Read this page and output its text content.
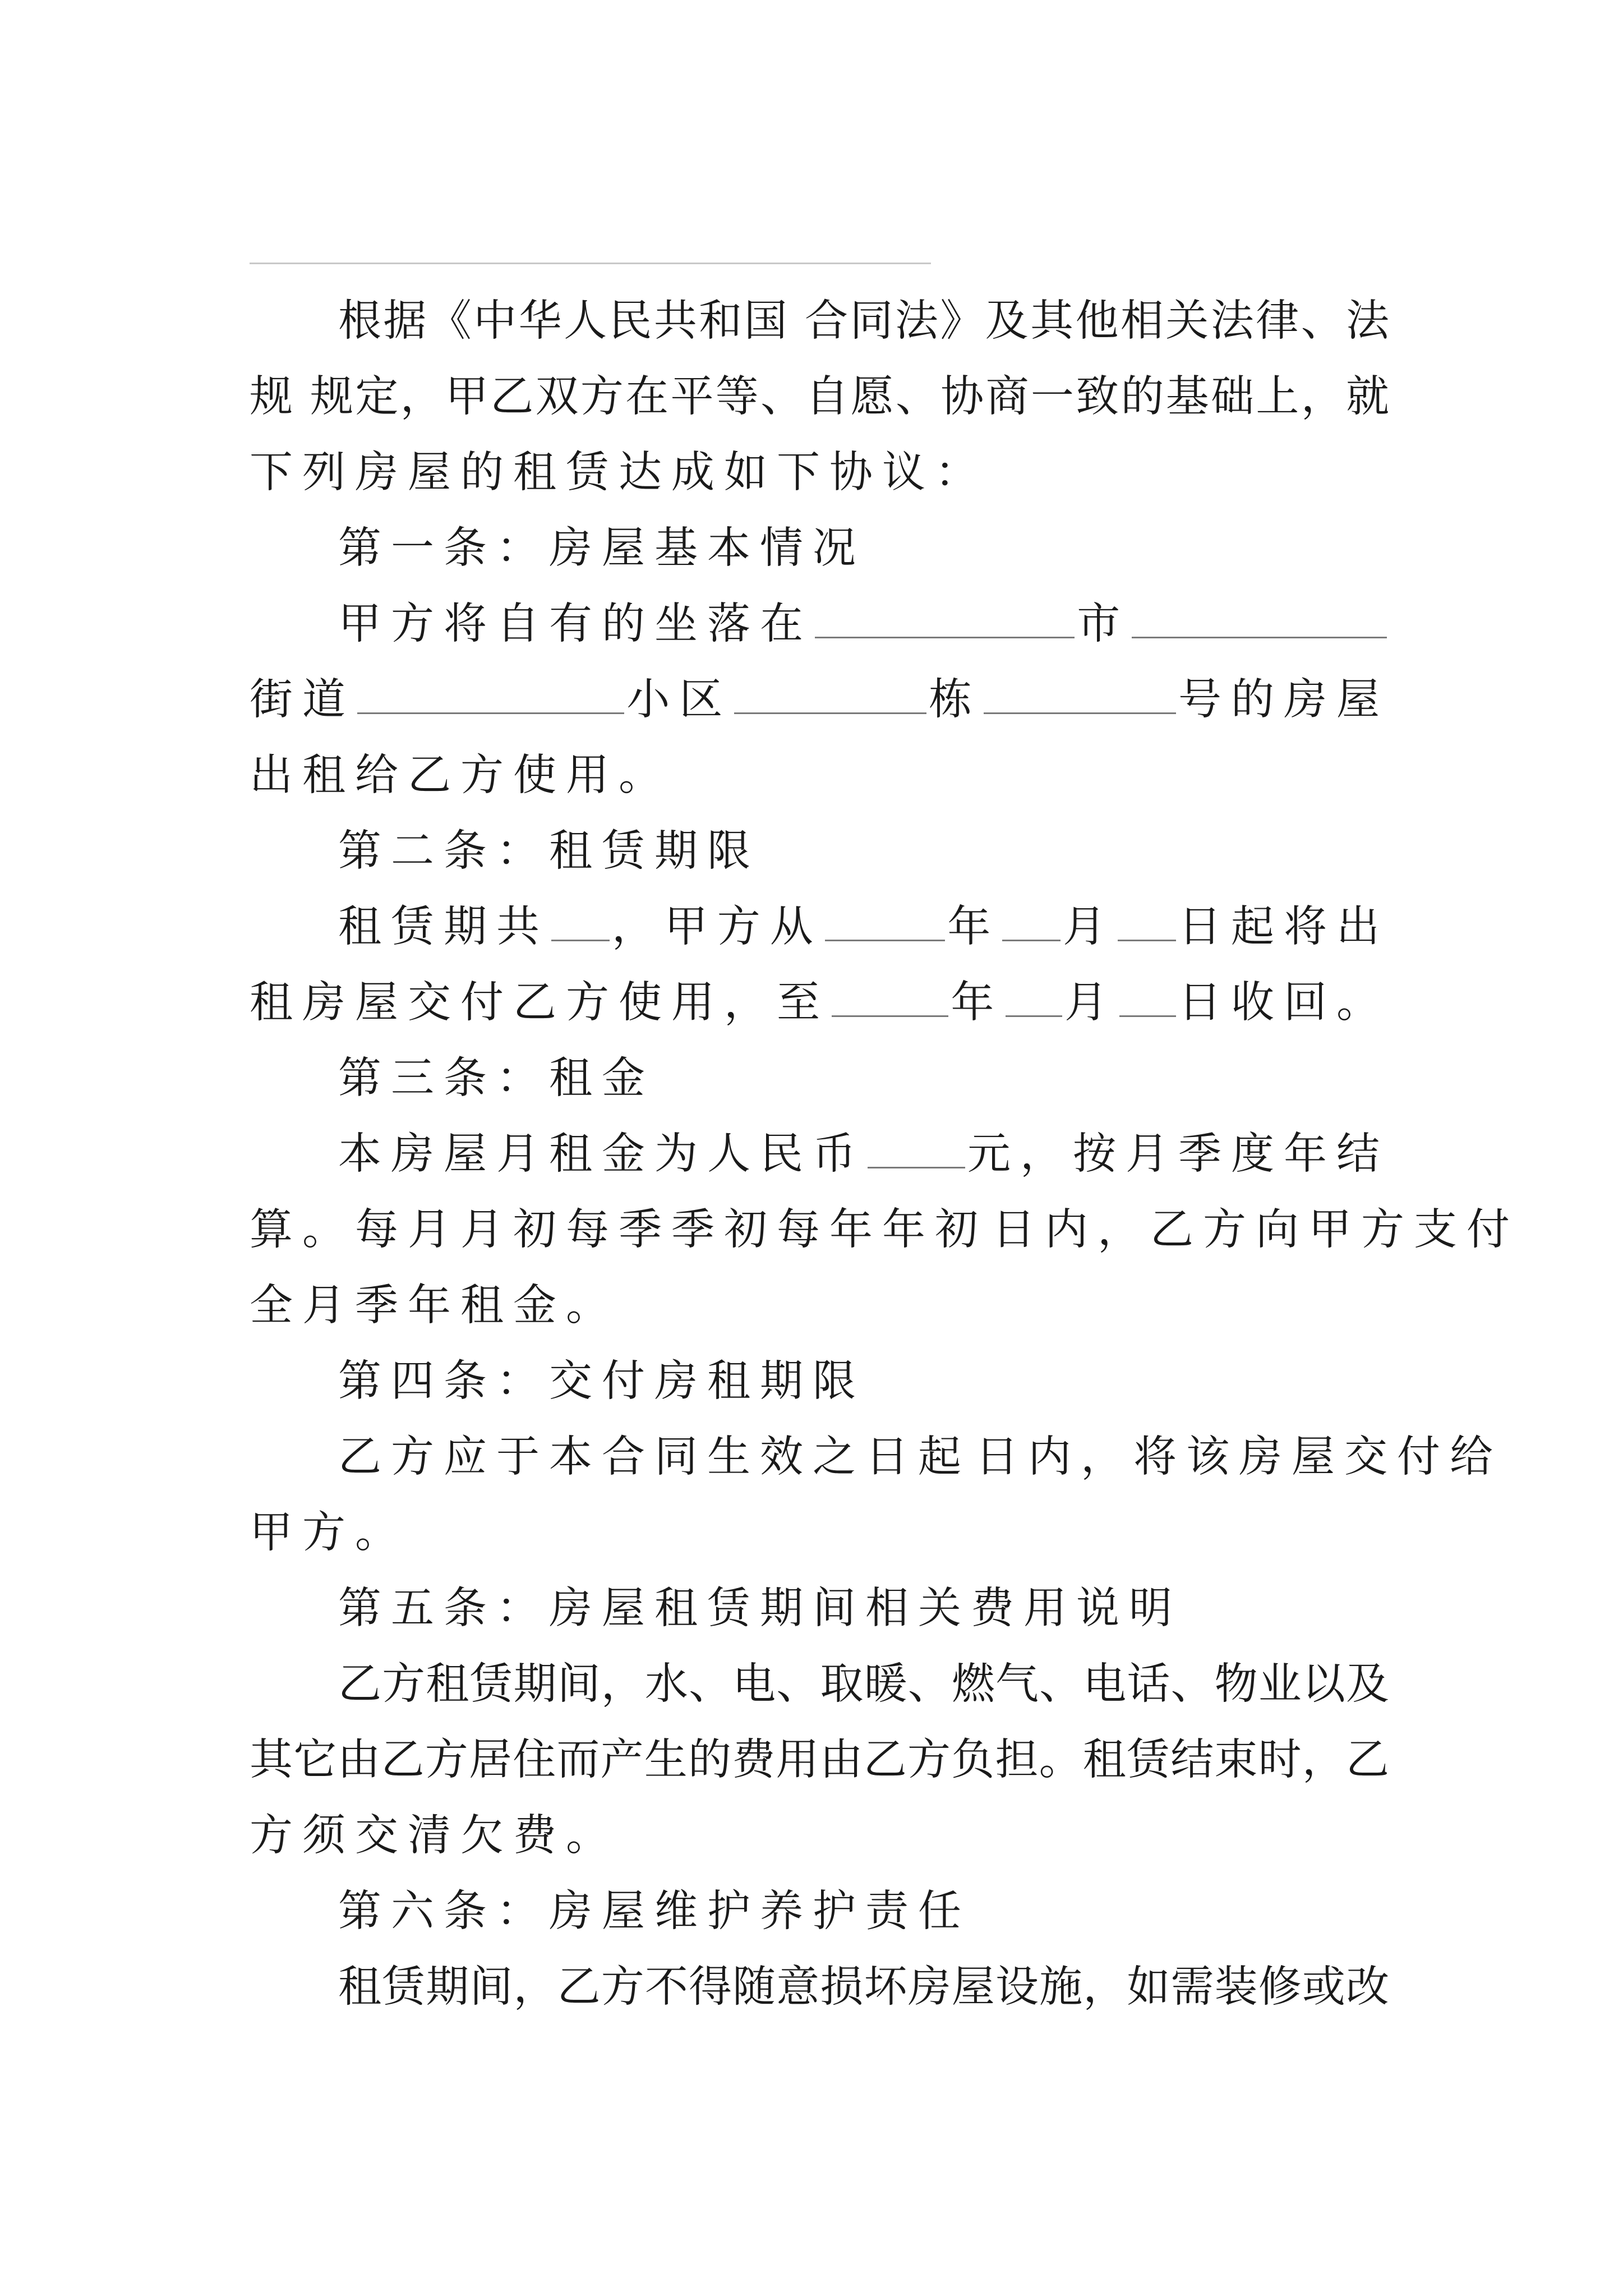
根据《中华人民共和国 合同法》及其他相关法律、法
规 规定，甲乙双方在平等、自愿、协商一致的基础上，就
下列房屋的租赁达成如下协议：
第一条：房屋基本情况
甲方将自有的坐落在	市
街道	小区	栋	号的房屋
出租给乙方使用。
第二条：租赁期限
租赁期共 ，甲方从	年 月 日起将出
租房屋交付乙方使用，至	年 月 日收回。
第三条：租金
本房屋月租金为人民币 元，按月季度年结
算。每月月初每季季初每年年初 日内，乙方向甲方支付
全月季年租金。
第四条：交付房租期限
乙方应于本合同生效之日起 日内，将该房屋交付给
甲方。
第五条：房屋租赁期间相关费用说明
乙方租赁期间，水、电、取暖、燃气、电话、物业以及
其它由乙方居住而产生的费用由乙方负担。租赁结束时，乙
方须交清欠费。
第六条：房屋维护养护责任
租赁期间，乙方不得随意损坏房屋设施，如需装修或改
